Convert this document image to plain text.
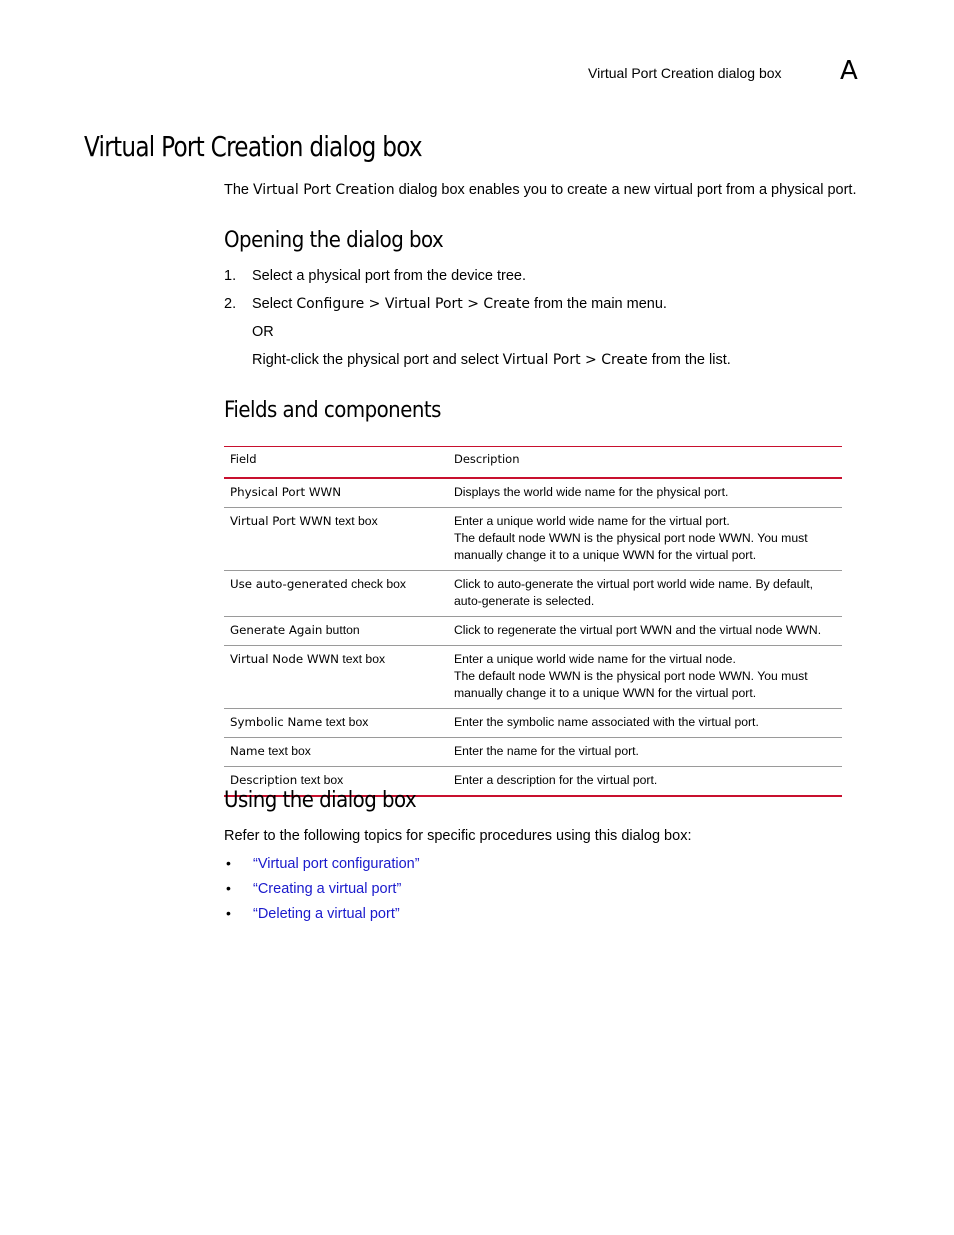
Virtual Port Creation dialog box A
Virtual Port Creation dialog box
The Virtual Port Creation dialog box enables you to create a new virtual port from a physical port.
Opening the dialog box
1. Select a physical port from the device tree.
2. Select Configure > Virtual Port > Create from the main menu.
OR
Right-click the physical port and select Virtual Port > Create from the list.
Fields and components
Field	Description
Physical Port WWN	Displays the world wide name for the physical port.

Virtual Port WWN text box	Enter a unique world wide name for the virtual port.
The default node WWN is the physical port node WWN. You must manually change it to a unique WWN for the virtual port.

Use auto-generated check box	Click to auto-generate the virtual port world wide name. By default, auto-generate is selected.

Generate Again button	Click to regenerate the virtual port WWN and the virtual node WWN.

Virtual Node WWN text box	Enter a unique world wide name for the virtual node.
The default node WWN is the physical port node WWN. You must manually change it to a unique WWN for the virtual port.

Symbolic Name text box	Enter the symbolic name associated with the virtual port.

Name text box	Enter the name for the virtual port.

Description text box	Enter a description for the virtual port.
Using the dialog box
Refer to the following topics for specific procedures using this dialog box:
• “Virtual port configuration”
• “Creating a virtual port”
• “Deleting a virtual port”
